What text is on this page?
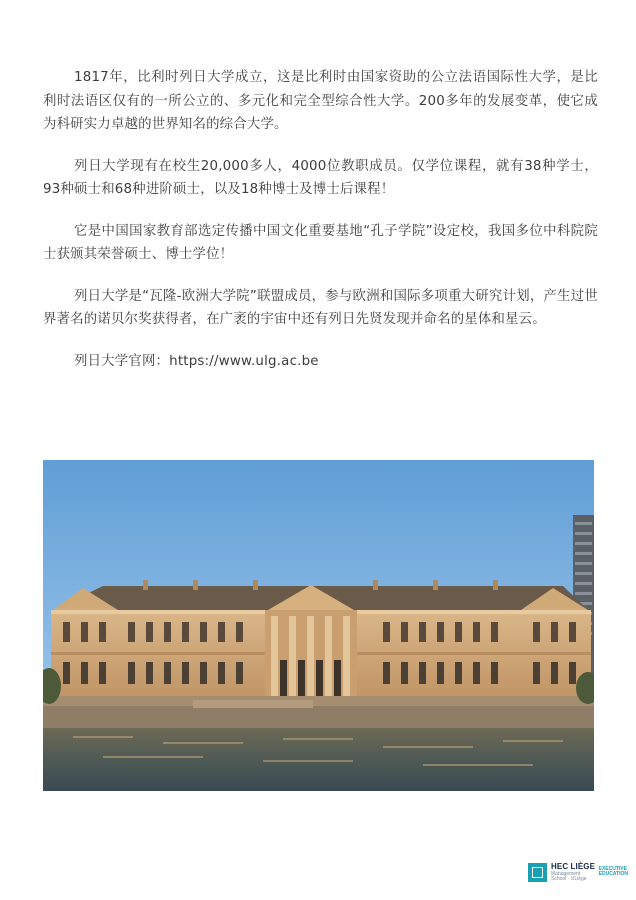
1817年，比利时列日大学成立，这是比利时由国家资助的公立法语国际性大学，是比利时法语区仅有的一所公立的、多元化和完全型综合性大学。200多年的发展变革，使它成为科研实力卓越的世界知名的综合大学。

列日大学现有在校生20,000多人，4000位教职成员。仅学位课程，就有38种学士，93种硕士和68种进阶硕士，以及18种博士及博士后课程！

它是中国国家教育部选定传播中国文化重要基地“孔子学院”设定校，我国多位中科院院士获颁其荣誉硕士、博士学位！

列日大学是“瓦隆-欧洲大学院”联盟成员，参与欧洲和国际多项重大研究计划，产生过世界著名的诺贝尔奖获得者，在广袤的宇宙中还有列日先贤发现并命名的星体和星云。

列日大学官网：https://www.ulg.ac.be

HEC LIÈGE
Management School · ULiège
EXECUTIVE
EDUCATION
